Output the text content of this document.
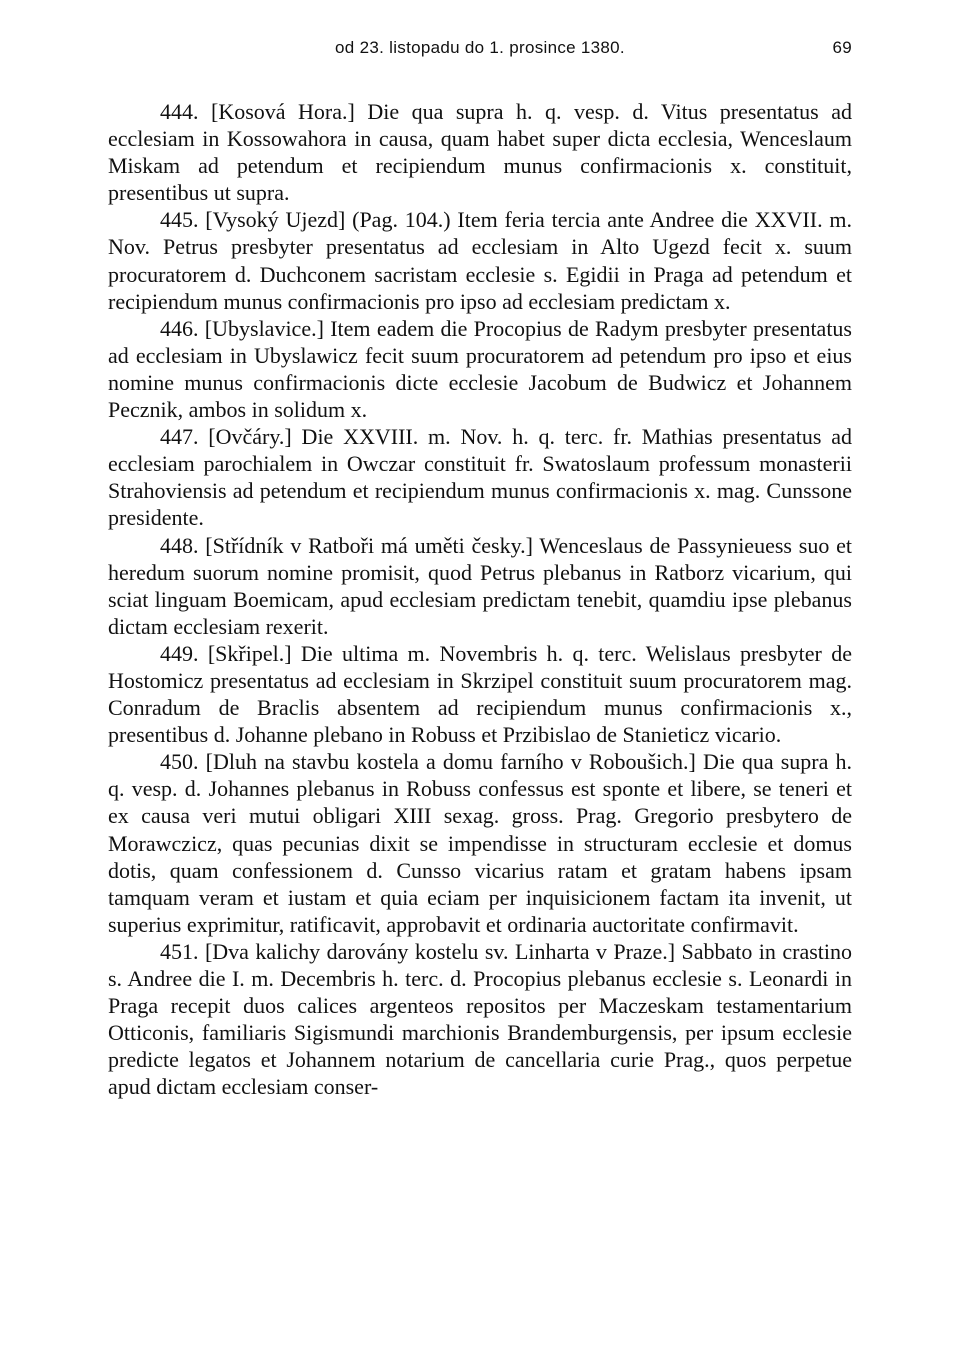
od 23. listopadu do 1. prosince 1380.	69

444. [Kosová Hora.] Die qua supra h. q. vesp. d. Vitus presentatus ad ecclesiam in Kossowahora in causa, quam habet super dicta ecclesia, Wenceslaum Miskam ad petendum et recipiendum munus confirmacionis x. constituit, presentibus ut supra.

445. [Vysoký Ujezd] (Pag. 104.) Item feria tercia ante Andree die XXVII. m. Nov. Petrus presbyter presentatus ad ecclesiam in Alto Ugezd fecit x. suum procuratorem d. Duchconem sacristam ecclesie s. Egidii in Praga ad petendum et recipiendum munus confirmacionis pro ipso ad ecclesiam predictam x.

446. [Ubyslavice.] Item eadem die Procopius de Radym presbyter presentatus ad ecclesiam in Ubyslawicz fecit suum procuratorem ad petendum pro ipso et eius nomine munus confirmacionis dicte ecclesie Jacobum de Budwicz et Johannem Pecznik, ambos in solidum x.

447. [Ovčáry.] Die XXVIII. m. Nov. h. q. terc. fr. Mathias presentatus ad ecclesiam parochialem in Owczar constituit fr. Swatoslaum professum monasterii Strahoviensis ad petendum et recipiendum munus confirmacionis x. mag. Cunssone presidente.

448. [Střídník v Ratboři má uměti česky.] Wenceslaus de Passynieuess suo et heredum suorum nomine promisit, quod Petrus plebanus in Ratborz vicarium, qui sciat linguam Boemicam, apud ecclesiam predictam tenebit, quamdiu ipse plebanus dictam ecclesiam rexerit.

449. [Skřipel.] Die ultima m. Novembris h. q. terc. Welislaus presbyter de Hostomicz presentatus ad ecclesiam in Skrzipel constituit suum procuratorem mag. Conradum de Braclis absentem ad recipiendum munus confirmacionis x., presentibus d. Johanne plebano in Robuss et Przibislao de Stanieticz vicario.

450. [Dluh na stavbu kostela a domu farního v Roboušich.] Die qua supra h. q. vesp. d. Johannes plebanus in Robuss confessus est sponte et libere, se teneri et ex causa veri mutui obligari XIII sexag. gross. Prag. Gregorio presbytero de Morawczicz, quas pecunias dixit se impendisse in structuram ecclesie et domus dotis, quam confessionem d. Cunsso vicarius ratam et gratam habens ipsam tamquam veram et iustam et quia eciam per inquisicionem factam ita invenit, ut superius exprimitur, ratificavit, approbavit et ordinaria auctoritate confirmavit.

451. [Dva kalichy darovány kostelu sv. Linharta v Praze.] Sabbato in crastino s. Andree die I. m. Decembris h. terc. d. Procopius plebanus ecclesie s. Leonardi in Praga recepit duos calices argenteos repositos per Maczeskam testamentarium Otticonis, familiaris Sigismundi marchionis Brandemburgensis, per ipsum ecclesie predicte legatos et Johannem notarium de cancellaria curie Prag., quos perpetue apud dictam ecclesiam conser-
